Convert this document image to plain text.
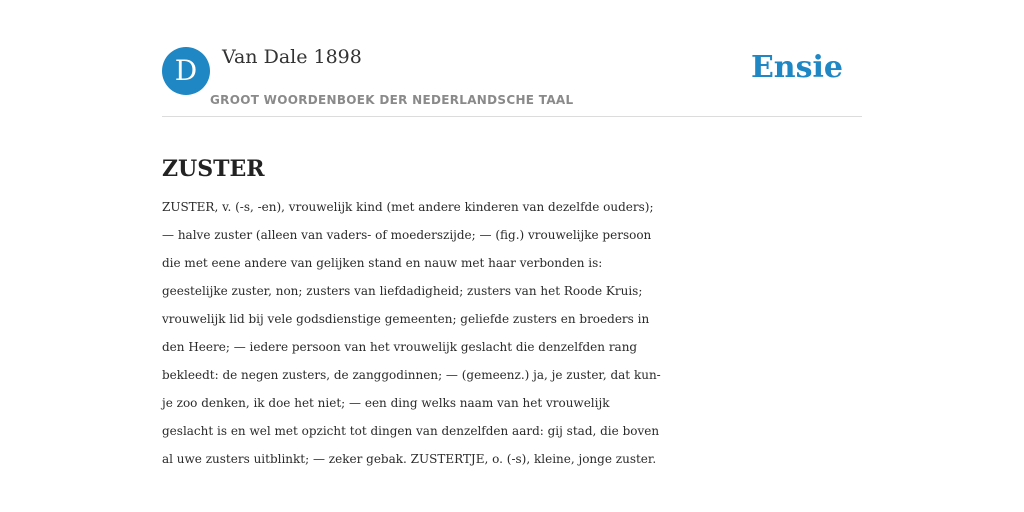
D	Van Dale 1898
GROOT WOORDENBOEK DER NEDERLANDSCHE TAAL
Ensie
ZUSTER

ZUSTER, v. (-s, -en), vrouwelijk kind (met andere kinderen van dezelfde ouders);
— halve zuster (alleen van vaders- of moederszijde; — (fig.) vrouwelijke persoon
die met eene andere van gelijken stand en nauw met haar verbonden is:
geestelijke zuster, non; zusters van liefdadigheid; zusters van het Roode Kruis;
vrouwelijk lid bij vele godsdienstige gemeenten; geliefde zusters en broeders in
den Heere; — iedere persoon van het vrouwelijk geslacht die denzelfden rang
bekleedt: de negen zusters, de zanggodinnen; — (gemeenz.) ja, je zuster, dat kun-
je zoo denken, ik doe het niet; — een ding welks naam van het vrouwelijk
geslacht is en wel met opzicht tot dingen van denzelfden aard: gij stad, die boven
al uwe zusters uitblinkt; — zeker gebak. ZUSTERTJE, o. (-s), kleine, jonge zuster.
